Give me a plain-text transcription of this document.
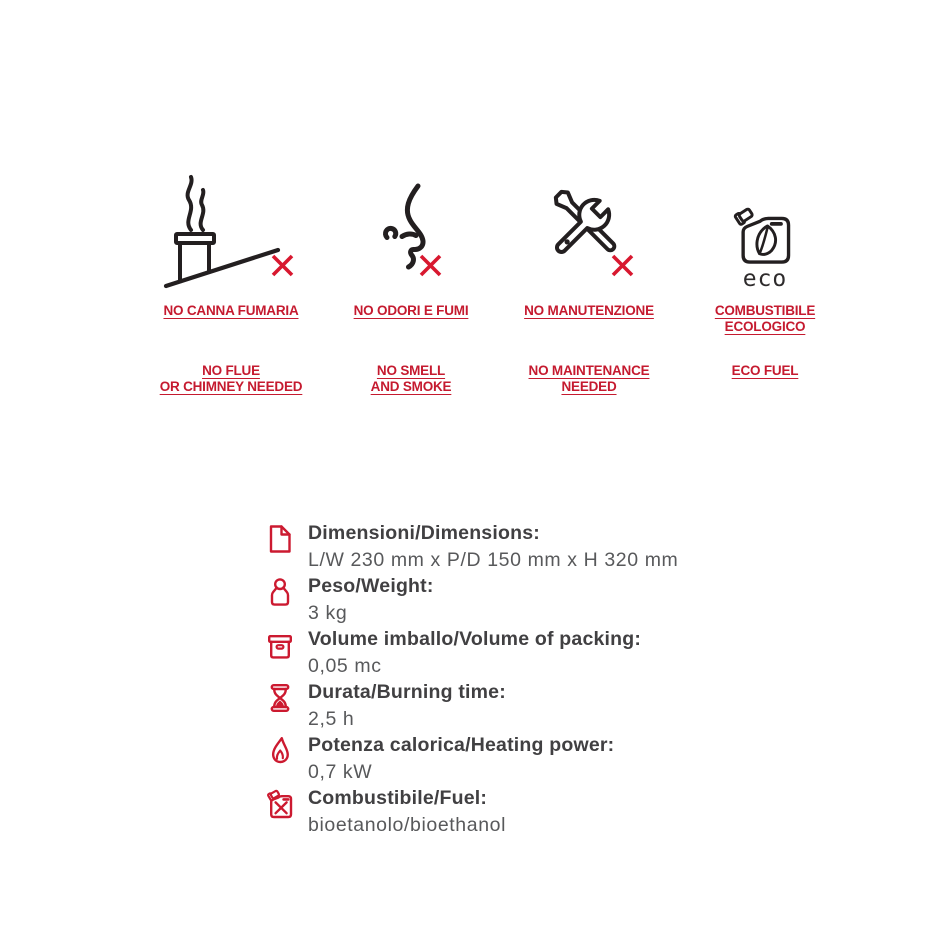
NO CANNA FUMARIA
NO FLUE
OR CHIMNEY NEEDED
NO ODORI E FUMI
NO SMELL
AND SMOKE
NO MANUTENZIONE
NO MAINTENANCE
NEEDED
eco
COMBUSTIBILE
ECOLOGICO
ECO FUEL
Dimensioni/Dimensions:
L/W 230 mm x P/D 150 mm x H 320 mm
Peso/Weight:
3 kg
Volume imballo/Volume of packing:
0,05 mc
Durata/Burning time:
2,5 h
Potenza calorica/Heating power:
0,7 kW
Combustibile/Fuel:
bioetanolo/bioethanol
